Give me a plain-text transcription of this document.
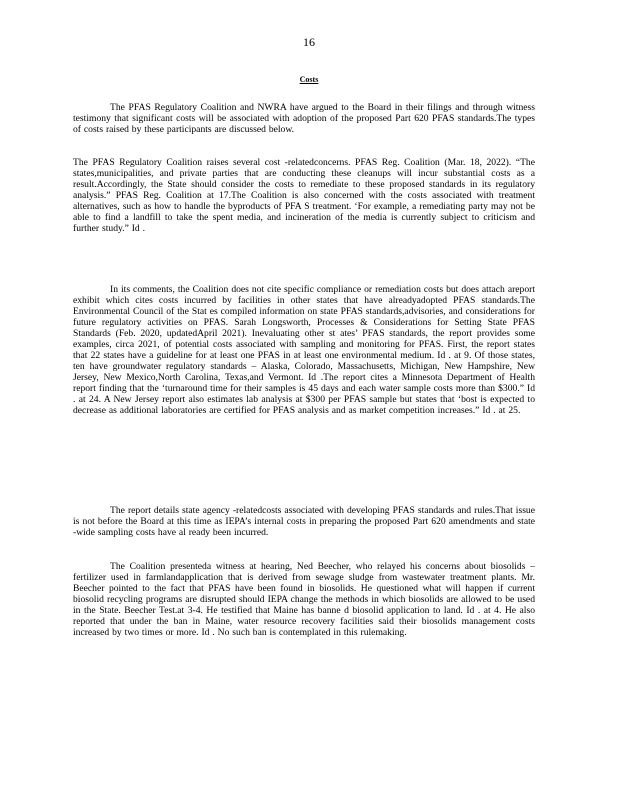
16
Costs

The PFAS Regulatory Coalition and NWRA have argued to the Board in their filings and through witness testimony that significant costs will be associated with adoption of the proposed Part 620 PFAS standards.The types of costs raised by these participants are discussed below.

The PFAS Regulatory Coalition raises several cost -relatedconcerns. PFAS Reg. Coalition (Mar. 18, 2022). “The states,municipalities, and private parties that are conducting these cleanups will incur substantial costs as a result.Accordingly, the State should consider the costs to remediate to these proposed standards in its regulatory analysis.” PFAS Reg. Coalition at 17.The Coalition is also concerned with the costs associated with treatment alternatives, such as how to handle the byproducts of PFA S treatment. ‘For example, a remediating party may not be able to find a landfill to take the spent media, and incineration of the media is currently subject to criticism and further study.” Id .

In its comments, the Coalition does not cite specific compliance or remediation costs but does attach areport exhibit which cites costs incurred by facilities in other states that have alreadyadopted PFAS standards.The Environmental Council of the Stat es compiled information on state PFAS standards,advisories, and considerations for future regulatory activities on PFAS. Sarah Longsworth, Processes & Considerations for Setting State PFAS Standards (Feb. 2020, updatedApril 2021). Inevaluating other st ates’ PFAS standards, the report provides some examples, circa 2021, of potential costs associated with sampling and monitoring for PFAS. First, the report states that 22 states have a guideline for at least one PFAS in at least one environmental medium. Id . at 9. Of those states, ten have groundwater regulatory standards – Alaska, Colorado, Massachusetts, Michigan, New Hampshire, New Jersey, New Mexico,North Carolina, Texas,and Vermont. Id .The report cites a Minnesota Department of Health report finding that the ‘turnaround time for their samples is 45 days and each water sample costs more than $300.” Id . at 24. A New Jersey report also estimates lab analysis at $300 per PFAS sample but states that ‘bost is expected to decrease as additional laboratories are certified for PFAS analysis and as market competition increases.” Id . at 25.

The report details state agency -relatedcosts associated with developing PFAS standards and rules.That issue is not before the Board at this time as IEPA’s internal costs in preparing the proposed Part 620 amendments and state -wide sampling costs have al ready been incurred.

The Coalition presenteda witness at hearing, Ned Beecher, who relayed his concerns about biosolids –fertilizer used in farmlandapplication that is derived from sewage sludge from wastewater treatment plants. Mr. Beecher pointed to the fact that PFAS have been found in biosolids. He questioned what will happen if current biosolid recycling programs are disrupted should IEPA change the methods in which biosolids are allowed to be used in the State. Beecher Test.at 3-4. He testified that Maine has banne d biosolid application to land. Id . at 4. He also reported that under the ban in Maine, water resource recovery facilities said their biosolids management costs increased by two times or more. Id . No such ban is contemplated in this rulemaking.
